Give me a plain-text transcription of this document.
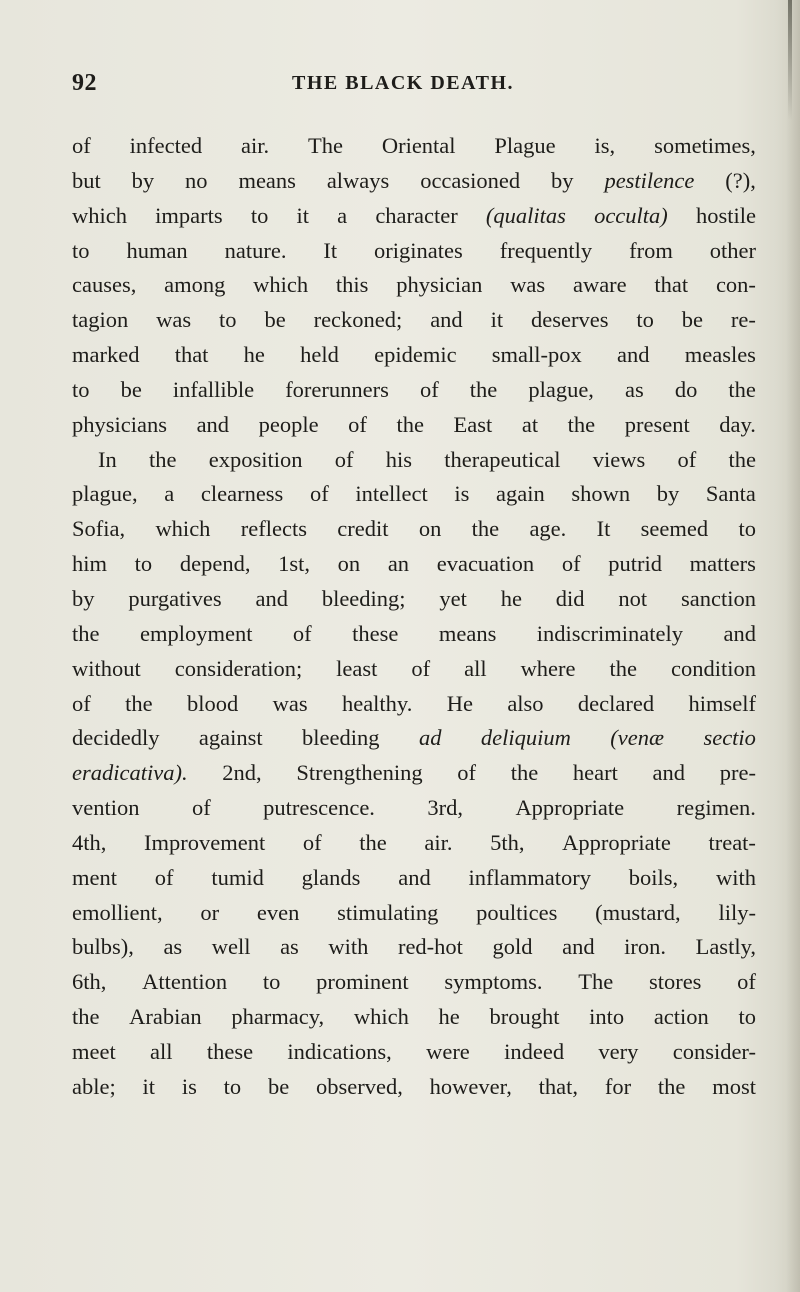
92	THE BLACK DEATH.
of infected air. The Oriental Plague is, sometimes,
but by no means always occasioned by pestilence (?),
which imparts to it a character (qualitas occulta) hostile
to human nature. It originates frequently from other
causes, among which this physician was aware that con-
tagion was to be reckoned; and it deserves to be re-
marked that he held epidemic small-pox and measles
to be infallible forerunners of the plague, as do the
physicians and people of the East at the present day.
In the exposition of his therapeutical views of the
plague, a clearness of intellect is again shown by Santa
Sofia, which reflects credit on the age. It seemed to
him to depend, 1st, on an evacuation of putrid matters
by purgatives and bleeding; yet he did not sanction
the employment of these means indiscriminately and
without consideration; least of all where the condition
of the blood was healthy. He also declared himself
decidedly against bleeding ad deliquium (venæ sectio
eradicativa). 2nd, Strengthening of the heart and pre-
vention of putrescence. 3rd, Appropriate regimen.
4th, Improvement of the air. 5th, Appropriate treat-
ment of tumid glands and inflammatory boils, with
emollient, or even stimulating poultices (mustard, lily-
bulbs), as well as with red-hot gold and iron. Lastly,
6th, Attention to prominent symptoms. The stores of
the Arabian pharmacy, which he brought into action to
meet all these indications, were indeed very consider-
able; it is to be observed, however, that, for the most
